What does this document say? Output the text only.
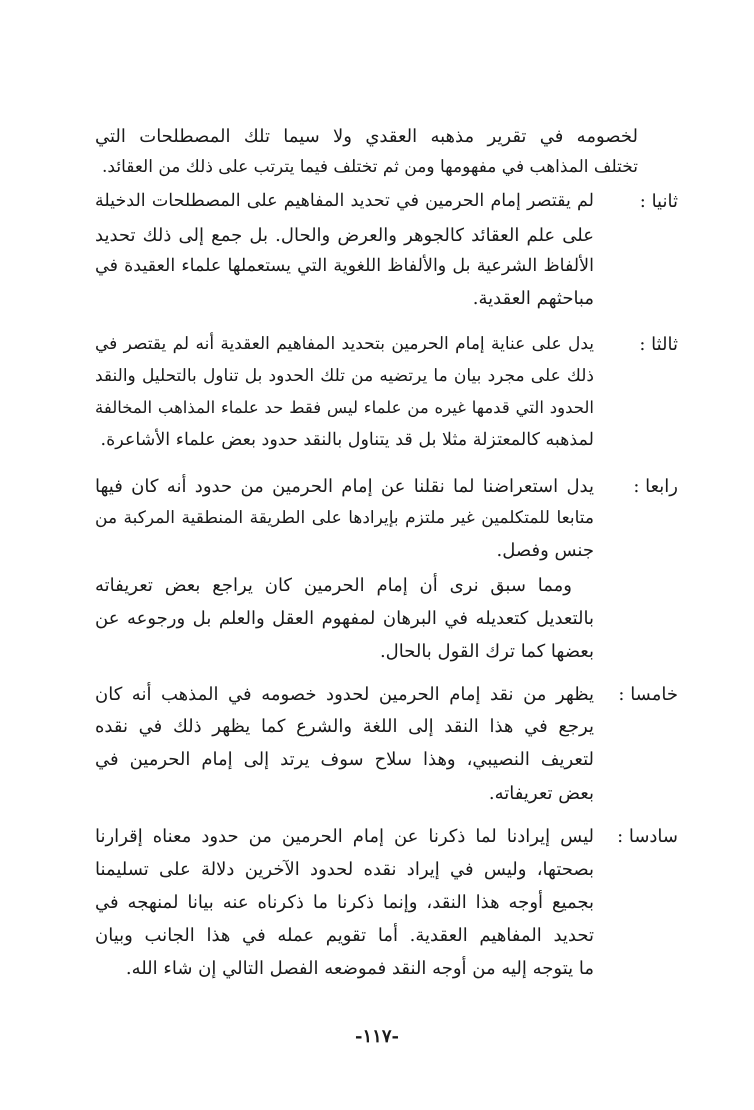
لخصومه في تقرير مذهبه العقدي ولا سيما تلك المصطلحات التي
تختلف المذاهب في مفهومها ومن ثم تختلف فيما يترتب على ذلك من العقائد.
ثانيا :
لم يقتصر إمام الحرمين في تحديد المفاهيم على المصطلحات الدخيلة
على علم العقائد كالجوهر والعرض والحال. بل جمع إلى ذلك تحديد
الألفاظ الشرعية بل والألفاظ اللغوية التي يستعملها علماء العقيدة في
مباحثهم العقدية.
ثالثا :
يدل على عناية إمام الحرمين بتحديد المفاهيم العقدية أنه لم يقتصر في
ذلك على مجرد بيان ما يرتضيه من تلك الحدود بل تناول بالتحليل والنقد
الحدود التي قدمها غيره من علماء ليس فقط حد علماء المذاهب المخالفة
لمذهبه كالمعتزلة مثلا بل قد يتناول بالنقد حدود بعض علماء الأشاعرة.
رابعا :
يدل استعراضنا لما نقلنا عن إمام الحرمين من حدود أنه كان فيها
متابعا للمتكلمين غير ملتزم بإيرادها على الطريقة المنطقية المركبة من
جنس وفصل.
ومما سبق نرى أن إمام الحرمين كان يراجع بعض تعريفاته
بالتعديل كتعديله في البرهان لمفهوم العقل والعلم بل ورجوعه عن
بعضها كما ترك القول بالحال.
خامسا :
يظهر من نقد إمام الحرمين لحدود خصومه في المذهب أنه كان
يرجع في هذا النقد إلى اللغة والشرع كما يظهر ذلك في نقده
لتعريف النصيبي، وهذا سلاح سوف يرتد إلى إمام الحرمين في
بعض تعريفاته.
سادسا :
ليس إيرادنا لما ذكرنا عن إمام الحرمين من حدود معناه إقرارنا
بصحتها، وليس في إيراد نقده لحدود الآخرين دلالة على تسليمنا
بجميع أوجه هذا النقد، وإنما ذكرنا ما ذكرناه عنه بيانا لمنهجه في
تحديد المفاهيم العقدية. أما تقويم عمله في هذا الجانب وبيان
ما يتوجه إليه من أوجه النقد فموضعه الفصل التالي إن شاء الله.
-١١٧-
